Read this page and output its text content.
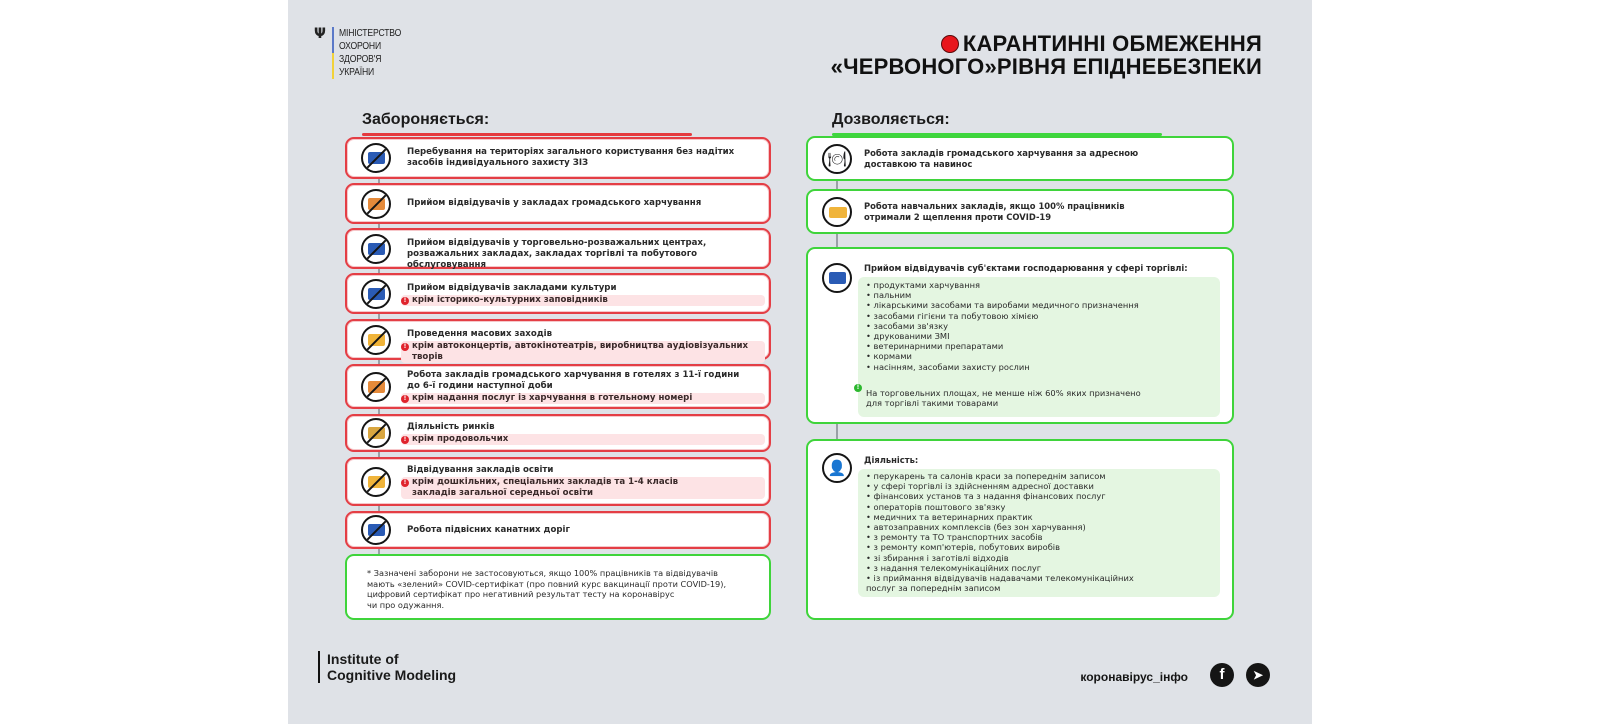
Ψ МІНІСТЕРСТВО
ОХОРОНИ
ЗДОРОВ'Я
УКРАЇНИ
КАРАНТИННІ ОБМЕЖЕННЯ
«ЧЕРВОНОГО»РІВНЯ ЕПІДНЕБЕЗПЕКИ
Забороняється:
Перебування на територіях загального користування без надітих
засобів індивідуального захисту ЗІЗ
Прийом відвідувачів у закладах громадського харчування
Прийом відвідувачів у торговельно-розважальних центрах,
розважальних закладах, закладах торгівлі та побутового обслуговування
Прийом відвідувачів закладами культури
! крім історико-культурних заповідників
Проведення масових заходів
! крім автоконцертів, автокінотеатрів, виробництва аудіовізуальних творів
Робота закладів громадського харчування в готелях з 11-ї години
до 6-ї години наступної доби
! крім надання послуг із харчування в готельному номері
Діяльність ринків
! крім продовольчих
Відвідування закладів освіти
! крім дошкільних, спеціальних закладів та 1-4 класів
закладів загальної середньої освіти
Робота підвісних канатних доріг
* Зазначені заборони не застосовуються, якщо 100% працівників та відвідувачів
мають «зелений» COVID-сертифікат (про повний курс вакцинації проти COVID-19),
цифровий сертифікат про негативний результат тесту на коронавірус
чи про одужання.
Дозволяється:
🍽	Робота закладів громадського харчування за адресною
доставкою та навинос
Робота навчальних закладів, якщо 100% працівників
отримали 2 щеплення проти COVID-19
Прийом відвідувачів суб'єктами господарювання у сфері торгівлі:
• продуктами харчування
• пальним
• лікарськими засобами та виробами медичного призначення
• засобами гігієни та побутовою хімією
• засобами зв'язку
• друкованими ЗМІ
• ветеринарними препаратами
• кормами
• насінням, засобами захисту рослин
!
На торговельних площах, не менше ніж 60% яких призначено
для торгівлі такими товарами
👤	Діяльність:
• перукарень та салонів краси за попереднім записом
• у сфері торгівлі із здійсненням адресної доставки
• фінансових установ та з надання фінансових послуг
• операторів поштового зв'язку
• медичних та ветеринарних практик
• автозаправних комплексів (без зон харчування)
• з ремонту та ТО транспортних засобів
• з ремонту комп'ютерів, побутових виробів
• зі збирання і заготівлі відходів
• з надання телекомунікаційних послуг
• із приймання відвідувачів надавачами телекомунікаційних послуг за попереднім записом
Institute of
Cognitive Modeling	коронавірус_інфо	f	➤
